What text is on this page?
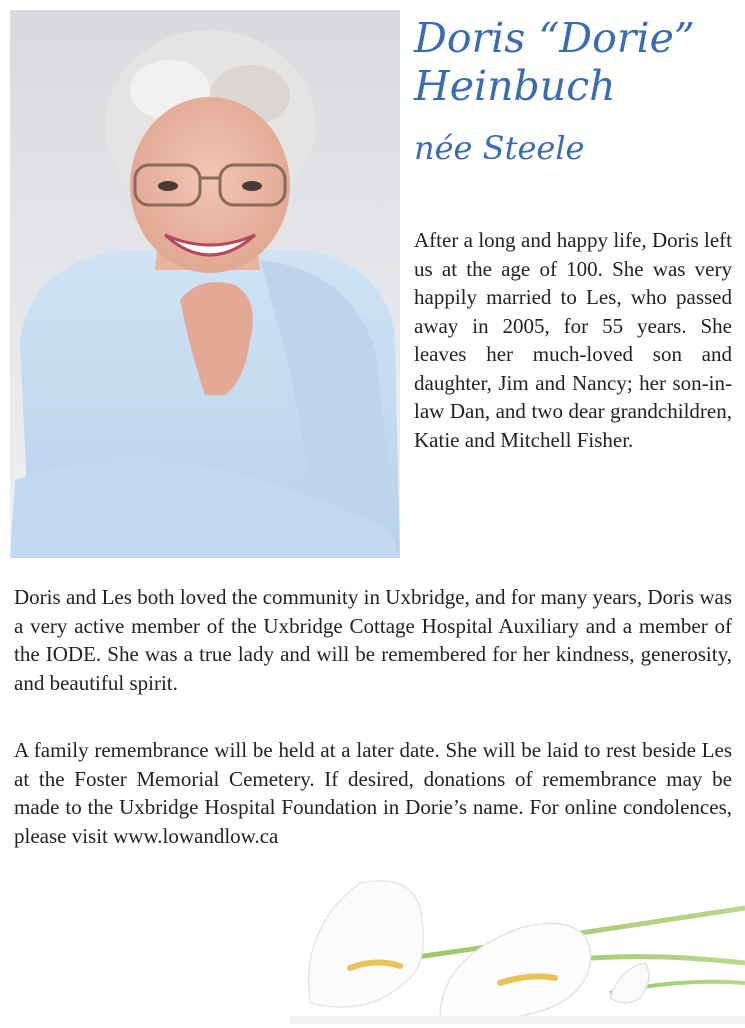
Doris “Dorie”
Heinbuch
née Steele

After a long and happy life, Doris left us at the age of 100. She was very happily married to Les, who passed away in 2005, for 55 years. She leaves her much-loved son and daughter, Jim and Nancy; her son-in-law Dan, and two dear grandchildren, Katie and Mitchell Fisher.

Doris and Les both loved the community in Uxbridge, and for many years, Doris was a very active member of the Uxbridge Cottage Hospital Auxiliary and a member of the IODE. She was a true lady and will be remembered for her kindness, generosity, and beautiful spirit.

A family remembrance will be held at a later date. She will be laid to rest beside Les at the Foster Memorial Cemetery. If desired, donations of remembrance may be made to the Uxbridge Hospital Foundation in Dorie’s name. For online condolences, please visit www.lowandlow.ca
